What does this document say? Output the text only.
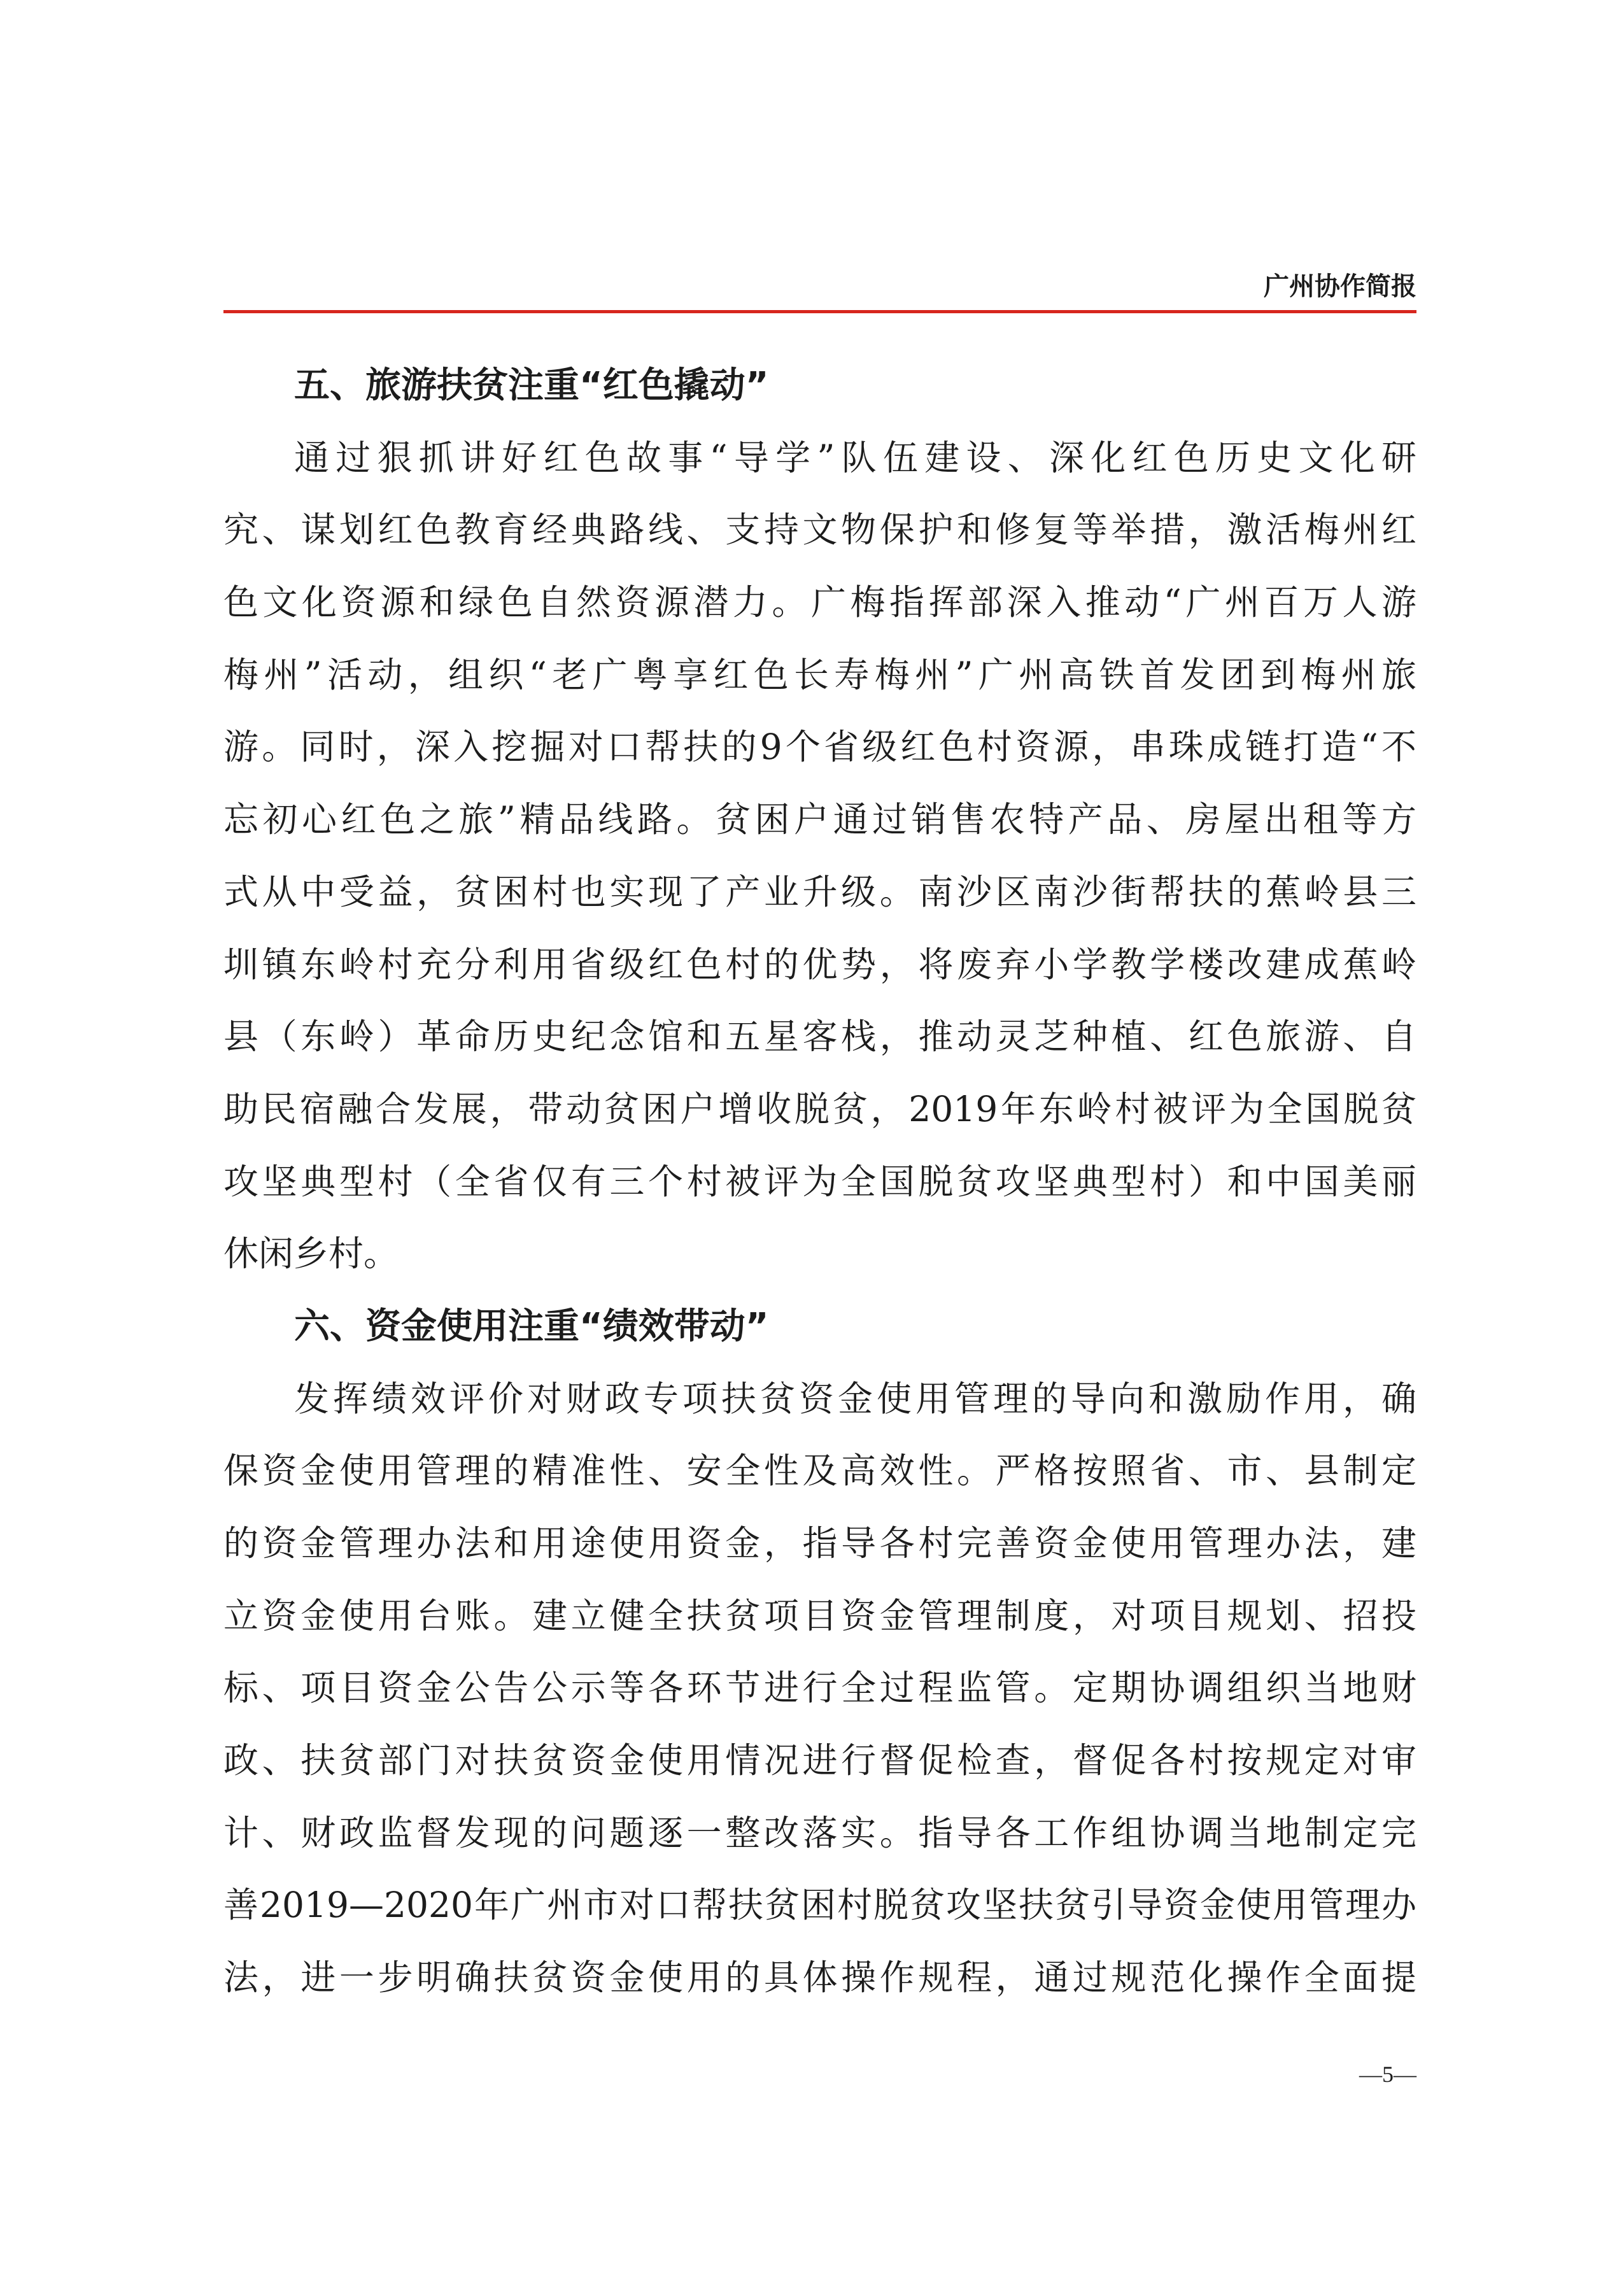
广州协作简报
五、旅游扶贫注重“红色撬动”
通过狠抓讲好红色故事“导学”队伍建设、深化红色历史文化研
究、谋划红色教育经典路线、支持文物保护和修复等举措，激活梅州红
色文化资源和绿色自然资源潜力。广梅指挥部深入推动“广州百万人游
梅州”活动，组织“老广粤享红色长寿梅州”广州高铁首发团到梅州旅
游。同时，深入挖掘对口帮扶的9个省级红色村资源，串珠成链打造“不
忘初心红色之旅”精品线路。贫困户通过销售农特产品、房屋出租等方
式从中受益，贫困村也实现了产业升级。南沙区南沙街帮扶的蕉岭县三
圳镇东岭村充分利用省级红色村的优势，将废弃小学教学楼改建成蕉岭
县（东岭）革命历史纪念馆和五星客栈，推动灵芝种植、红色旅游、自
助民宿融合发展，带动贫困户增收脱贫，2019年东岭村被评为全国脱贫
攻坚典型村（全省仅有三个村被评为全国脱贫攻坚典型村）和中国美丽
休闲乡村。
六、资金使用注重“绩效带动”
发挥绩效评价对财政专项扶贫资金使用管理的导向和激励作用，确
保资金使用管理的精准性、安全性及高效性。严格按照省、市、县制定
的资金管理办法和用途使用资金，指导各村完善资金使用管理办法，建
立资金使用台账。建立健全扶贫项目资金管理制度，对项目规划、招投
标、项目资金公告公示等各环节进行全过程监管。定期协调组织当地财
政、扶贫部门对扶贫资金使用情况进行督促检查，督促各村按规定对审
计、财政监督发现的问题逐一整改落实。指导各工作组协调当地制定完
善2019—2020年广州市对口帮扶贫困村脱贫攻坚扶贫引导资金使用管理办
法，进一步明确扶贫资金使用的具体操作规程，通过规范化操作全面提
—5—
